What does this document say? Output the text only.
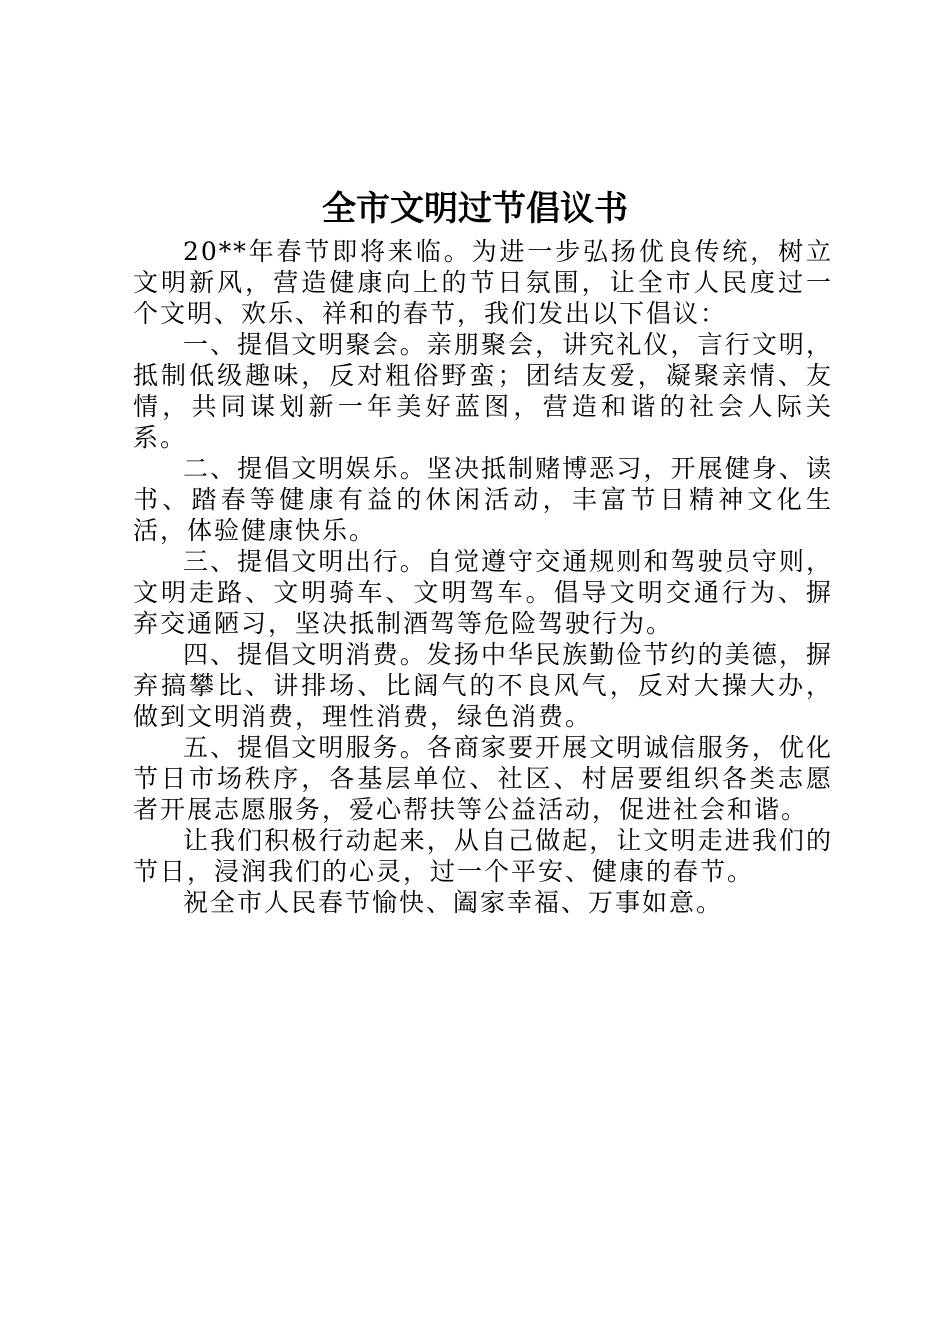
全市文明过节倡议书

20**年春节即将来临。为进一步弘扬优良传统，树立文明新风，营造健康向上的节日氛围，让全市人民度过一个文明、欢乐、祥和的春节，我们发出以下倡议：

一、提倡文明聚会。亲朋聚会，讲究礼仪，言行文明，抵制低级趣味，反对粗俗野蛮；团结友爱，凝聚亲情、友情，共同谋划新一年美好蓝图，营造和谐的社会人际关系。

二、提倡文明娱乐。坚决抵制赌博恶习，开展健身、读书、踏春等健康有益的休闲活动，丰富节日精神文化生活，体验健康快乐。

三、提倡文明出行。自觉遵守交通规则和驾驶员守则，文明走路、文明骑车、文明驾车。倡导文明交通行为、摒弃交通陋习，坚决抵制酒驾等危险驾驶行为。

四、提倡文明消费。发扬中华民族勤俭节约的美德，摒弃搞攀比、讲排场、比阔气的不良风气，反对大操大办，做到文明消费，理性消费，绿色消费。

五、提倡文明服务。各商家要开展文明诚信服务，优化节日市场秩序，各基层单位、社区、村居要组织各类志愿者开展志愿服务，爱心帮扶等公益活动，促进社会和谐。

让我们积极行动起来，从自己做起，让文明走进我们的节日，浸润我们的心灵，过一个平安、健康的春节。

祝全市人民春节愉快、阖家幸福、万事如意。
